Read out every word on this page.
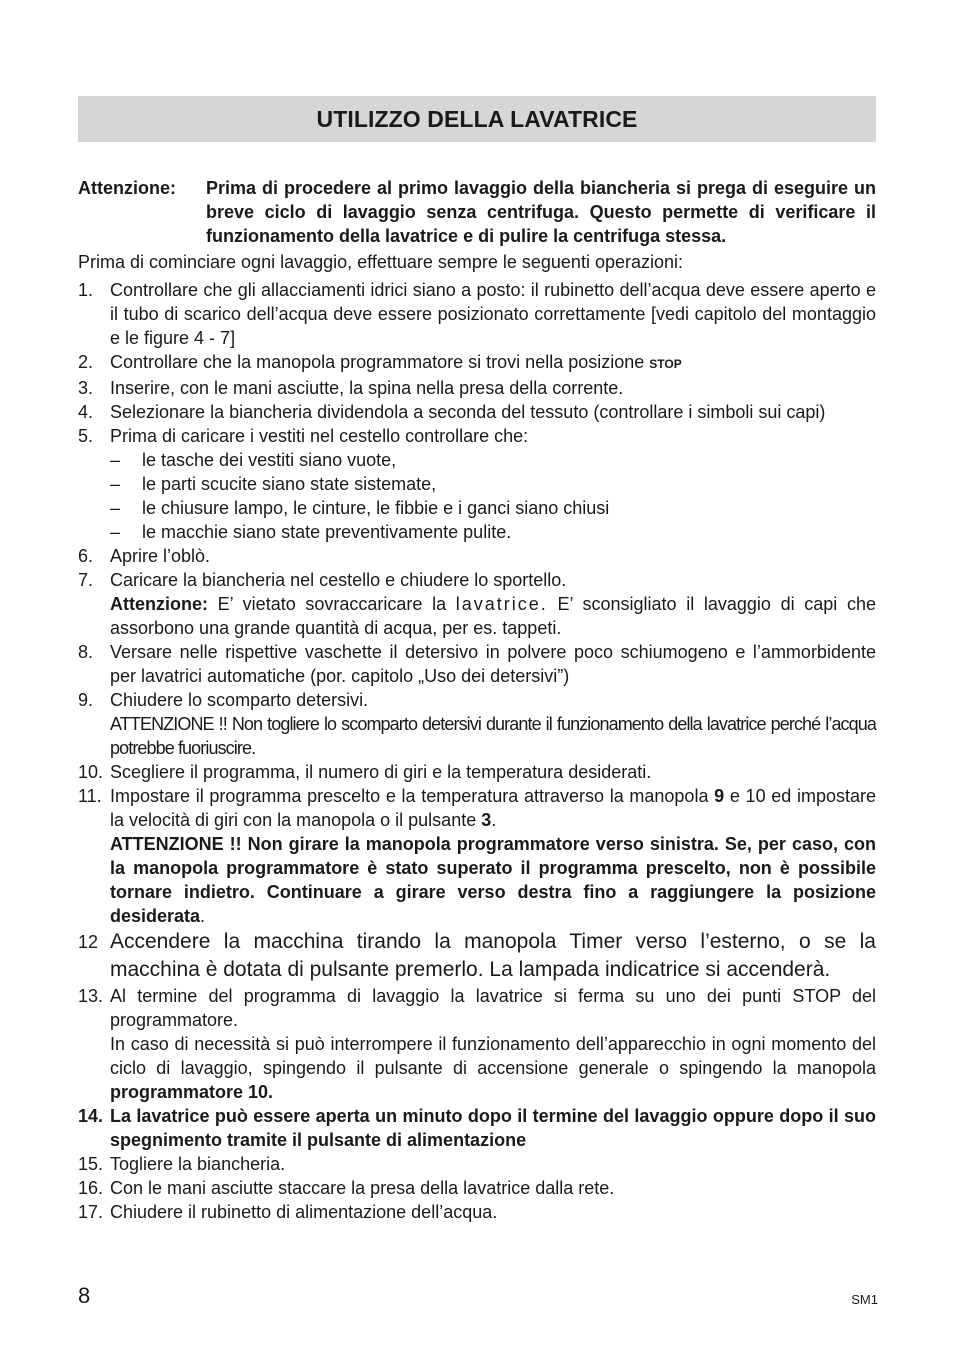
UTILIZZO DELLA LAVATRICE
Attenzione:	Prima di procedere al primo lavaggio della biancheria si prega di eseguire un breve ciclo di lavaggio senza centrifuga. Questo permette di verificare il funzionamento della lavatrice e di pulire la centrifuga stessa.

Prima di cominciare ogni lavaggio, effettuare sempre le seguenti operazioni:

1. Controllare che gli allacciamenti idrici siano a posto: il rubinetto dell’acqua deve essere aperto e il tubo di scarico dell’acqua deve essere posizionato correttamente [vedi capitolo del montaggio e le figure 4 - 7]
2. Controllare che la manopola programmatore si trovi nella posizione STOP
3. Inserire, con le mani asciutte, la spina nella presa della corrente.
4. Selezionare la biancheria dividendola a seconda del tessuto (controllare i simboli sui capi)
5. Prima di caricare i vestiti nel cestello controllare che:

–	le tasche dei vestiti siano vuote,
–	le parti scucite siano state sistemate,
–	le chiusure lampo, le cinture, le fibbie e i ganci siano chiusi
–	le macchie siano state preventivamente pulite.
6. Aprire l’oblò.
7. Caricare la biancheria nel cestello e chiudere lo sportello.

Attenzione: E’ vietato sovraccaricare la lavatrice. E’ sconsigliato il lavaggio di capi che assorbono una grande quantità di acqua, per es. tappeti.

8. Versare nelle rispettive vaschette il detersivo in polvere poco schiumogeno e l’ammorbidente per lavatrici automatiche (por. capitolo „Uso dei detersivi”)
9. Chiudere lo scomparto detersivi.

ATTENZIONE !! Non togliere lo scomparto detersivi durante il funzionamento della lavatrice perché l’acqua potrebbe fuoriuscire.

10. Scegliere il programma, il numero di giri e la temperatura desiderati.
11. Impostare il programma prescelto e la temperatura attraverso la manopola 9 e 10 ed impostare la velocità di giri con la manopola o il pulsante 3.

ATTENZIONE !! Non girare la manopola programmatore verso sinistra. Se, per caso, con la manopola programmatore è stato superato il programma prescelto, non è possibile tornare indietro. Continuare a girare verso destra fino a raggiungere la posizione desiderata.

12 Accendere la macchina tirando la manopola Timer verso l’esterno, o se la macchina è dotata di pulsante premerlo. La lampada indicatrice si accenderà.
13. Al termine del programma di lavaggio la lavatrice si ferma su uno dei punti STOP del programmatore.

In caso di necessità si può interrompere il funzionamento dell’apparecchio in ogni momento del ciclo di lavaggio, spingendo il pulsante di accensione generale o spingendo la manopola programmatore 10.

14. La lavatrice può essere aperta un minuto dopo il termine del lavaggio oppure dopo il suo spegnimento tramite il pulsante di alimentazione
15. Togliere la biancheria.
16. Con le mani asciutte staccare la presa della lavatrice dalla rete.
17. Chiudere il rubinetto di alimentazione dell’acqua.
8	SM1
